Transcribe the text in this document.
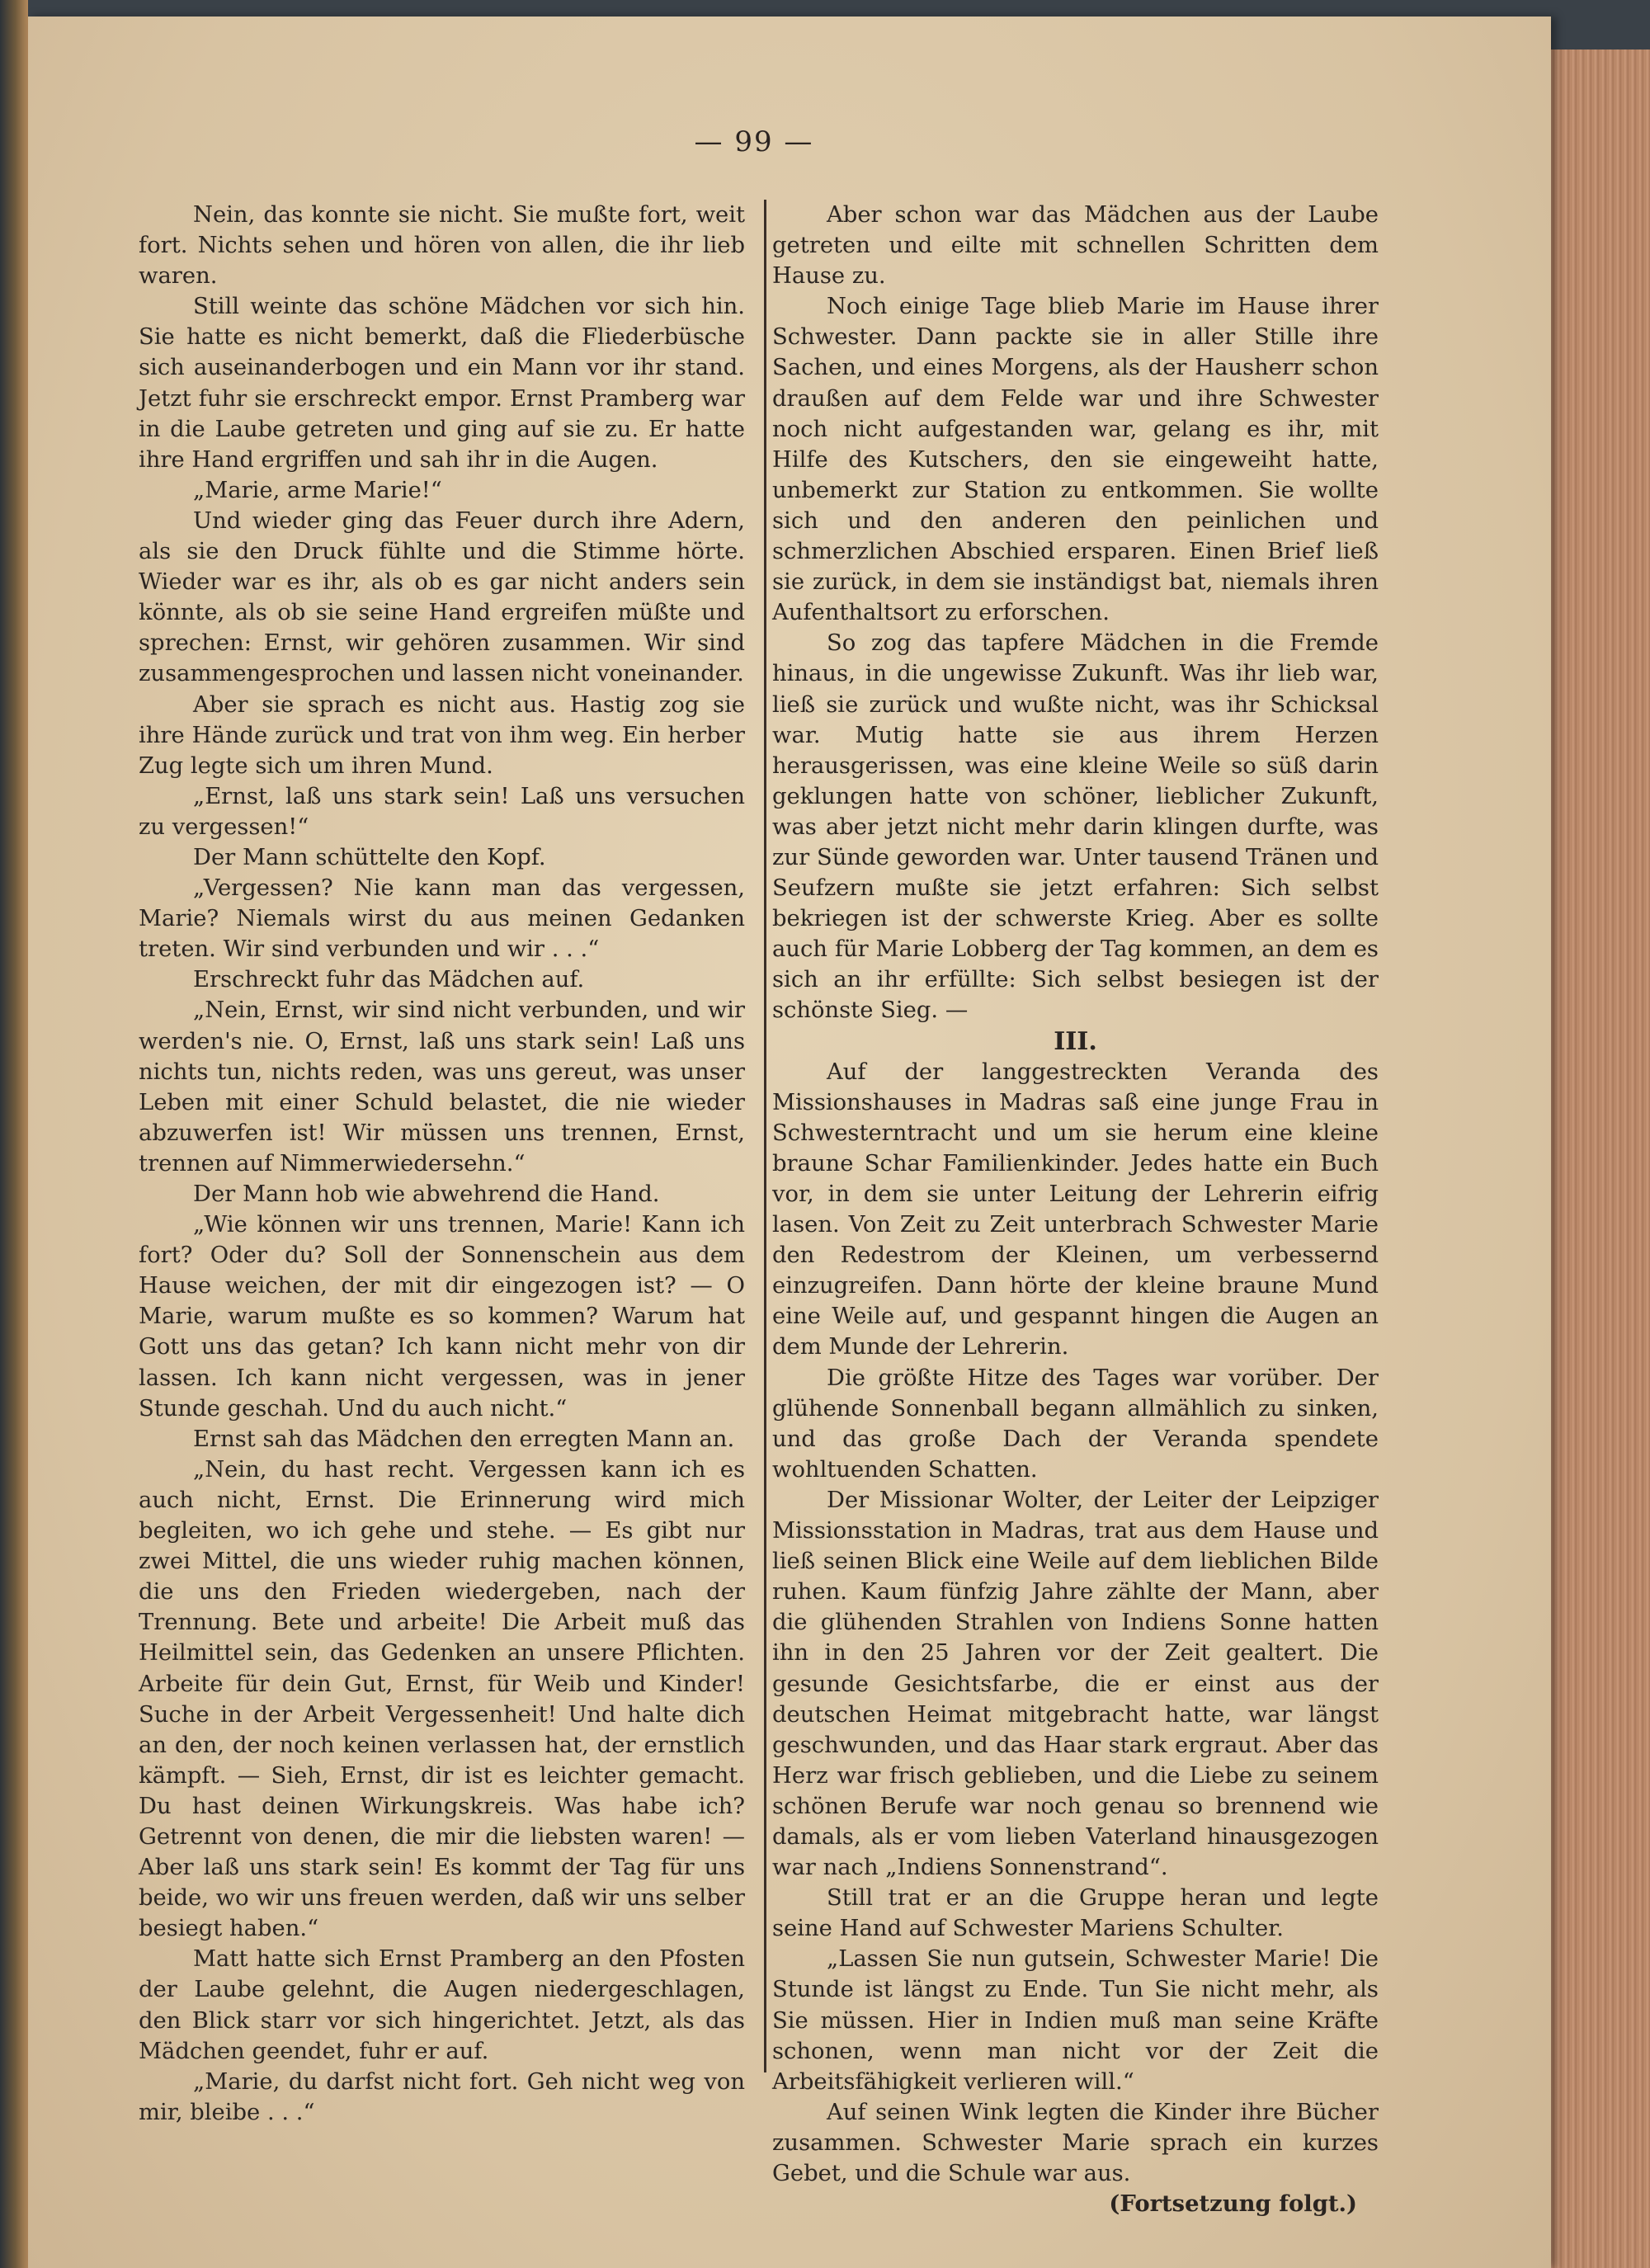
— 99 —

Nein, das konnte sie nicht. Sie mußte fort, weit fort. Nichts sehen und hören von allen, die ihr lieb waren.

Still weinte das schöne Mädchen vor sich hin. Sie hatte es nicht bemerkt, daß die Fliederbüsche sich auseinanderbogen und ein Mann vor ihr stand. Jetzt fuhr sie erschreckt empor. Ernst Pramberg war in die Laube getreten und ging auf sie zu. Er hatte ihre Hand ergriffen und sah ihr in die Augen.

„Marie, arme Marie!“

Und wieder ging das Feuer durch ihre Adern, als sie den Druck fühlte und die Stimme hörte. Wieder war es ihr, als ob es gar nicht anders sein könnte, als ob sie seine Hand ergreifen müßte und sprechen: Ernst, wir gehören zusammen. Wir sind zusammengesprochen und lassen nicht voneinander.

Aber sie sprach es nicht aus. Hastig zog sie ihre Hände zurück und trat von ihm weg. Ein herber Zug legte sich um ihren Mund.

„Ernst, laß uns stark sein! Laß uns versuchen zu vergessen!“

Der Mann schüttelte den Kopf.

„Vergessen? Nie kann man das vergessen, Marie? Niemals wirst du aus meinen Gedanken treten. Wir sind verbunden und wir . . .“

Erschreckt fuhr das Mädchen auf.

„Nein, Ernst, wir sind nicht verbunden, und wir werden's nie. O, Ernst, laß uns stark sein! Laß uns nichts tun, nichts reden, was uns gereut, was unser Leben mit einer Schuld belastet, die nie wieder abzuwerfen ist! Wir müssen uns trennen, Ernst, trennen auf Nimmerwiedersehn.“

Der Mann hob wie abwehrend die Hand.

„Wie können wir uns trennen, Marie! Kann ich fort? Oder du? Soll der Sonnenschein aus dem Hause weichen, der mit dir eingezogen ist? — O Marie, warum mußte es so kommen? Warum hat Gott uns das getan? Ich kann nicht mehr von dir lassen. Ich kann nicht vergessen, was in jener Stunde geschah. Und du auch nicht.“

Ernst sah das Mädchen den erregten Mann an.

„Nein, du hast recht. Vergessen kann ich es auch nicht, Ernst. Die Erinnerung wird mich begleiten, wo ich gehe und stehe. — Es gibt nur zwei Mittel, die uns wieder ruhig machen können, die uns den Frieden wiedergeben, nach der Trennung. Bete und arbeite! Die Arbeit muß das Heilmittel sein, das Gedenken an unsere Pflichten. Arbeite für dein Gut, Ernst, für Weib und Kinder! Suche in der Arbeit Vergessenheit! Und halte dich an den, der noch keinen verlassen hat, der ernstlich kämpft. — Sieh, Ernst, dir ist es leichter gemacht. Du hast deinen Wirkungskreis. Was habe ich? Getrennt von denen, die mir die liebsten waren! — Aber laß uns stark sein! Es kommt der Tag für uns beide, wo wir uns freuen werden, daß wir uns selber besiegt haben.“

Matt hatte sich Ernst Pramberg an den Pfosten der Laube gelehnt, die Augen niedergeschlagen, den Blick starr vor sich hingerichtet. Jetzt, als das Mädchen geendet, fuhr er auf.

„Marie, du darfst nicht fort. Geh nicht weg von mir, bleibe . . .“

Aber schon war das Mädchen aus der Laube getreten und eilte mit schnellen Schritten dem Hause zu.

Noch einige Tage blieb Marie im Hause ihrer Schwester. Dann packte sie in aller Stille ihre Sachen, und eines Morgens, als der Hausherr schon draußen auf dem Felde war und ihre Schwester noch nicht aufgestanden war, gelang es ihr, mit Hilfe des Kutschers, den sie eingeweiht hatte, unbemerkt zur Station zu entkommen. Sie wollte sich und den anderen den peinlichen und schmerzlichen Abschied ersparen. Einen Brief ließ sie zurück, in dem sie inständigst bat, niemals ihren Aufenthaltsort zu erforschen.

So zog das tapfere Mädchen in die Fremde hinaus, in die ungewisse Zukunft. Was ihr lieb war, ließ sie zurück und wußte nicht, was ihr Schicksal war. Mutig hatte sie aus ihrem Herzen herausgerissen, was eine kleine Weile so süß darin geklungen hatte von schöner, lieblicher Zukunft, was aber jetzt nicht mehr darin klingen durfte, was zur Sünde geworden war. Unter tausend Tränen und Seufzern mußte sie jetzt erfahren: Sich selbst bekriegen ist der schwerste Krieg. Aber es sollte auch für Marie Lobberg der Tag kommen, an dem es sich an ihr erfüllte: Sich selbst besiegen ist der schönste Sieg. —

III.

Auf der langgestreckten Veranda des Missionshauses in Madras saß eine junge Frau in Schwesterntracht und um sie herum eine kleine braune Schar Familienkinder. Jedes hatte ein Buch vor, in dem sie unter Leitung der Lehrerin eifrig lasen. Von Zeit zu Zeit unterbrach Schwester Marie den Redestrom der Kleinen, um verbessernd einzugreifen. Dann hörte der kleine braune Mund eine Weile auf, und gespannt hingen die Augen an dem Munde der Lehrerin.

Die größte Hitze des Tages war vorüber. Der glühende Sonnenball begann allmählich zu sinken, und das große Dach der Veranda spendete wohltuenden Schatten.

Der Missionar Wolter, der Leiter der Leipziger Missionsstation in Madras, trat aus dem Hause und ließ seinen Blick eine Weile auf dem lieblichen Bilde ruhen. Kaum fünfzig Jahre zählte der Mann, aber die glühenden Strahlen von Indiens Sonne hatten ihn in den 25 Jahren vor der Zeit gealtert. Die gesunde Gesichtsfarbe, die er einst aus der deutschen Heimat mitgebracht hatte, war längst geschwunden, und das Haar stark ergraut. Aber das Herz war frisch geblieben, und die Liebe zu seinem schönen Berufe war noch genau so brennend wie damals, als er vom lieben Vaterland hinausgezogen war nach „Indiens Sonnenstrand“.

Still trat er an die Gruppe heran und legte seine Hand auf Schwester Mariens Schulter.

„Lassen Sie nun gutsein, Schwester Marie! Die Stunde ist längst zu Ende. Tun Sie nicht mehr, als Sie müssen. Hier in Indien muß man seine Kräfte schonen, wenn man nicht vor der Zeit die Arbeitsfähigkeit verlieren will.“

Auf seinen Wink legten die Kinder ihre Bücher zusammen. Schwester Marie sprach ein kurzes Gebet, und die Schule war aus.

(Fortsetzung folgt.)
